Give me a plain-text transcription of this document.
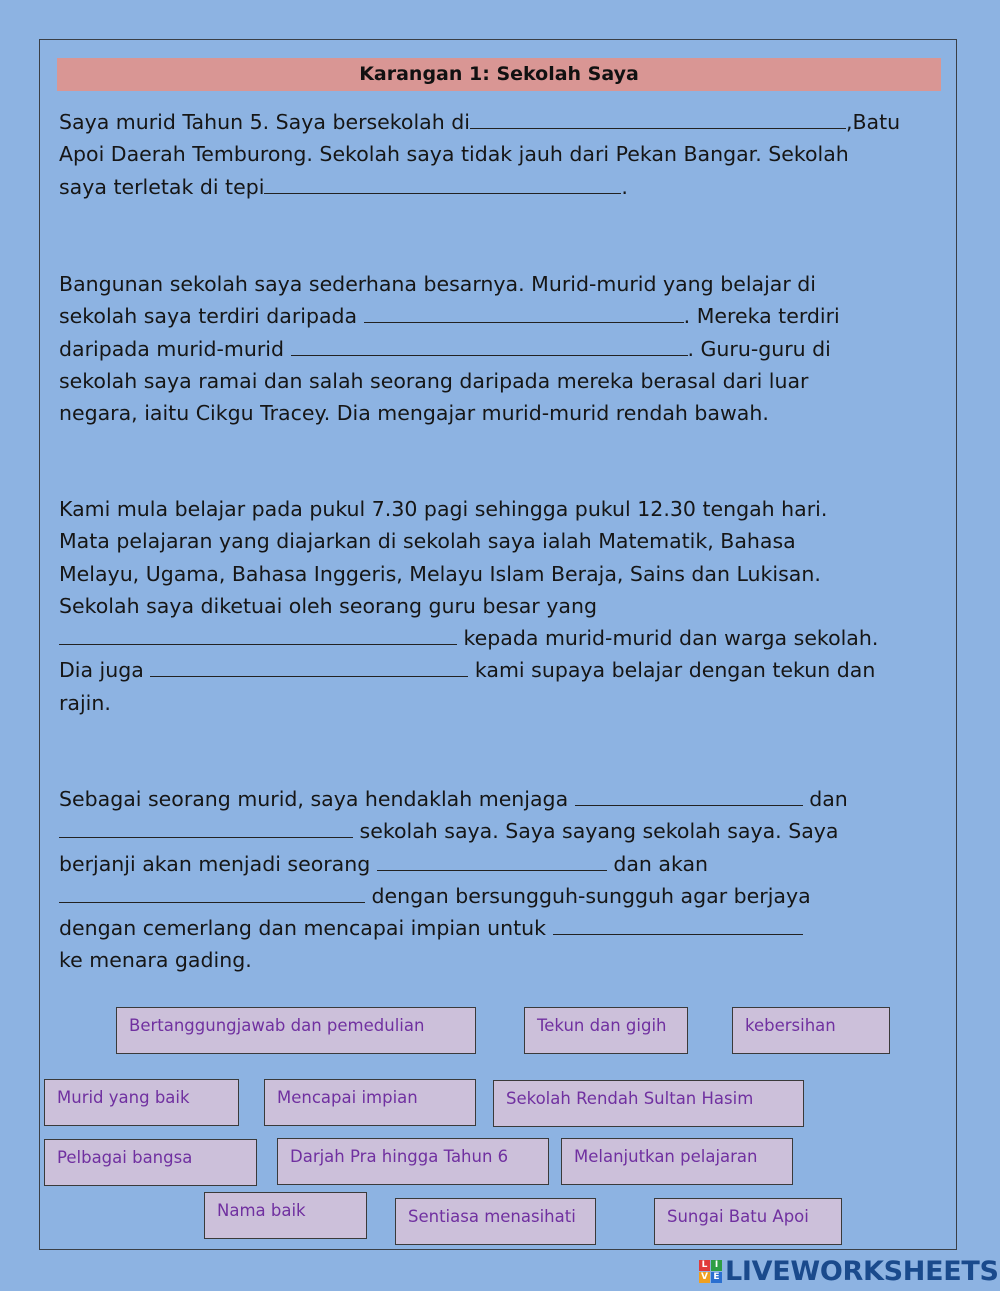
Karangan 1: Sekolah Saya
Saya murid Tahun 5. Saya bersekolah di	,Batu
Apoi Daerah Temburong. Sekolah saya tidak jauh dari Pekan Bangar. Sekolah
saya terletak di tepi	.
Bangunan sekolah saya sederhana besarnya. Murid-murid yang belajar di
sekolah saya terdiri daripada	. Mereka terdiri
daripada murid-murid	. Guru-guru di
sekolah saya ramai dan salah seorang daripada mereka berasal dari luar
negara, iaitu Cikgu Tracey. Dia mengajar murid-murid rendah bawah.
Kami mula belajar pada pukul 7.30 pagi sehingga pukul 12.30 tengah hari.
Mata pelajaran yang diajarkan di sekolah saya ialah Matematik, Bahasa
Melayu, Ugama, Bahasa Inggeris, Melayu Islam Beraja, Sains dan Lukisan.
Sekolah saya diketuai oleh seorang guru besar yang
kepada murid-murid dan warga sekolah.
Dia juga	kami supaya belajar dengan tekun dan
rajin.
Sebagai seorang murid, saya hendaklah menjaga	dan
sekolah saya. Saya sayang sekolah saya. Saya
berjanji akan menjadi seorang	dan akan
dengan bersungguh-sungguh agar berjaya
dengan cemerlang dan mencapai impian untuk
ke menara gading.
Bertanggungjawab dan pemedulian	Tekun dan gigih	kebersihan
Murid yang baik	Mencapai impian	Sekolah Rendah Sultan Hasim
Pelbagai bangsa	Darjah Pra hingga Tahun 6	Melanjutkan pelajaran
Nama baik	Sentiasa menasihati	Sungai Batu Apoi
L I
V E LIVEWORKSHEETS
